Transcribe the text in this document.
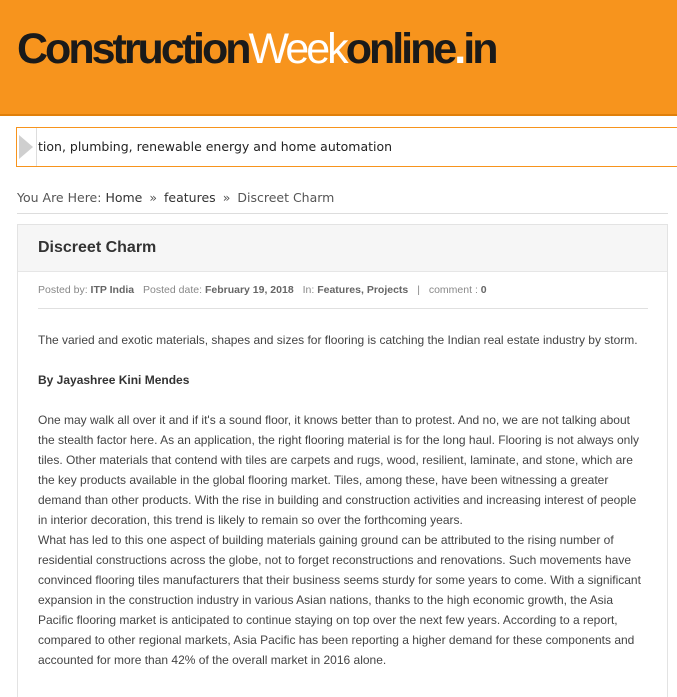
ConstructionWeekonline.in
tion, plumbing, renewable energy and home automation
You Are Here: Home » features » Discreet Charm
Discreet Charm
Posted by: ITP India Posted date: February 19, 2018 In: Features, Projects | comment : 0

The varied and exotic materials, shapes and sizes for flooring is catching the Indian real estate industry by storm.

By Jayashree Kini Mendes

One may walk all over it and if it's a sound floor, it knows better than to protest. And no, we are not talking about the stealth factor here. As an application, the right flooring material is for the long haul. Flooring is not always only tiles. Other materials that contend with tiles are carpets and rugs, wood, resilient, laminate, and stone, which are the key products available in the global flooring market. Tiles, among these, have been witnessing a greater demand than other products. With the rise in building and construction activities and increasing interest of people in interior decoration, this trend is likely to remain so over the forthcoming years.

What has led to this one aspect of building materials gaining ground can be attributed to the rising number of residential constructions across the globe, not to forget reconstructions and renovations. Such movements have convinced flooring tiles manufacturers that their business seems sturdy for some years to come. With a significant expansion in the construction industry in various Asian nations, thanks to the high economic growth, the Asia Pacific flooring market is anticipated to continue staying on top over the next few years. According to a report, compared to other regional markets, Asia Pacific has been reporting a higher demand for these components and accounted for more than 42% of the overall market in 2016 alone.
